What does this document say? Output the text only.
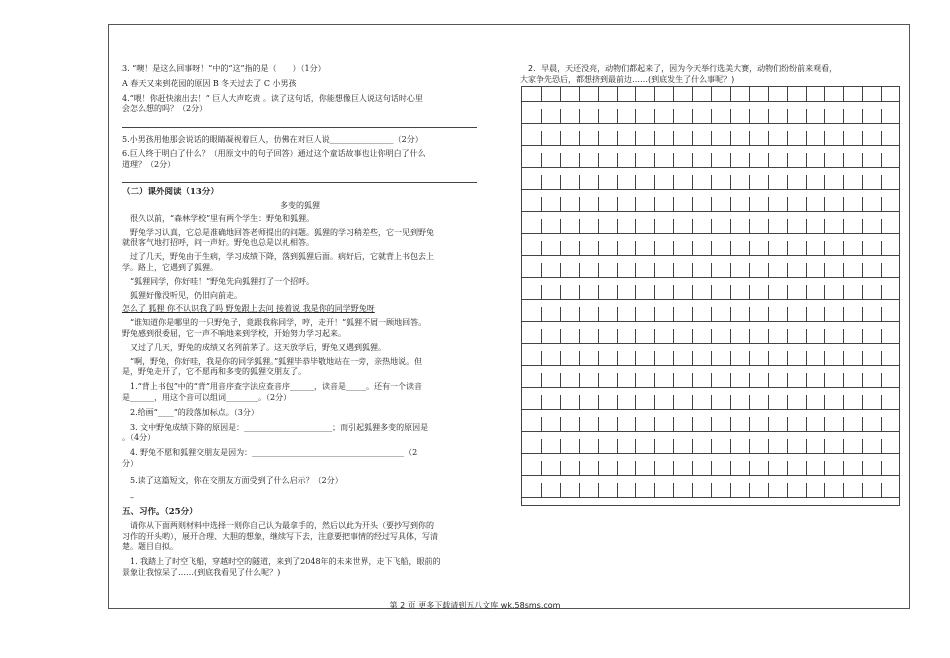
3. “噢！是这么回事呀！”中的“这”指的是（　　）（1分）

A 春天又来到花园的原因 B 冬天过去了 C 小男孩

4.“喂！你赶快滚出去！” 巨人大声吃责 。读了这句话，你能想像巨人说这句话时心里

会怎么想的吗？（2分）

5.小男孩用他那会说话的眼睛凝视着巨人，仿佛在对巨人说________________（2分）

6.巨人终于明白了什么？（用原文中的句子回答）通过这个童话故事也让你明白了什么

道理？（2分）

（二）课外阅读（13分）

多变的狐狸

很久以前，“森林学校”里有两个学生：野兔和狐狸。

野兔学习认真，它总是准确地回答老师提出的问题。狐狸的学习稍差些，它一见到野兔

就很客气地打招呼，问一声好。野兔也总是以礼相答。

过了几天，野兔由于生病，学习成绩下降，落到狐狸后面。病好后，它就背上书包去上

学。路上，它遇到了狐狸。

“狐狸同学，你好哇！”野兔先向狐狸打了一个招呼。

狐狸好像没听见，仍旧向前走。

怎么了 狐狸 你不认识我了吗 野兔跟上去问 接着说 我是你的同学野兔呀

“谁知道你是哪里的一只野兔子，竟跟我称同学，哼，走开！”狐狸不屑一顾地回答。

野兔感到很委屈，它一声不响地来到学校，开始努力学习起来。

又过了几天，野兔的成绩又名列前茅了。这天放学后，野兔又遇到狐狸。

“啊，野兔，你好哇，我是你的同学狐狸。”狐狸毕恭毕敬地站在一旁，亲热地说。但

是，野兔走开了，它不愿再和多变的狐狸交朋友了。

1.“背上书包”中的“背”用音序查字法应查音序______，读音是_____。还有一个读音

是______，用这个音可以组词________。（2分）

2.给画“____”的段落加标点。（3分）

3. 文中野兔成绩下降的原因是：______________________；而引起狐狸多变的原因是

。（4分）

4. 野兔不愿和狐狸交朋友是因为：______________________________________（2

分）

5.读了这篇短文，你在交朋友方面受到了什么启示？（2分）

–

五、习作。（25分）

请你从下面两则材料中选择一则你自己认为最拿手的，然后以此为开头（要抄写到你的

习作的开头哟），展开合理、大胆的想象，继续写下去，注意要把事情的经过写具体，写清

楚。题目自拟。

1. 我踏上了时空飞船，穿越时空的隧道，来到了2048年的未来世界，走下飞船，眼前的

景象让我惊呆了……(到底我看见了什么呢？)

2．早晨，天还没亮，动物们都起来了，因为今天举行选美大赛，动物们纷纷前来观看，

大家争先恐后，都想挤到最前边……(到底发生了什么事呢？)

第 2 页 更多下载请到五八文库 wk.58sms.com
